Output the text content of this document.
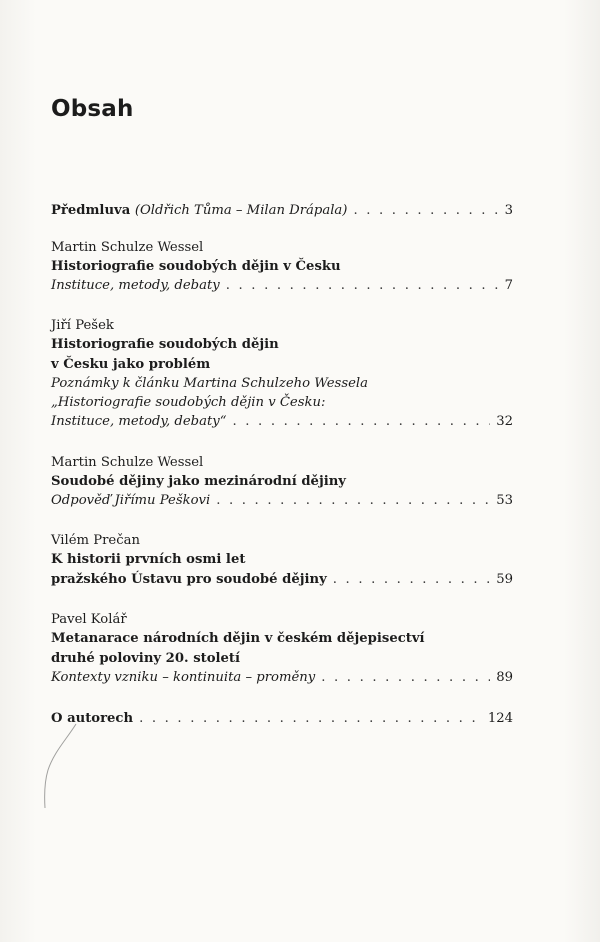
Obsah
Předmluva (Oldřich Tůma – Milan Drápala) . . .	3
Martin Schulze Wessel
Historiografie soudobých dějin v Česku
Instituce, metody, debaty . . .	7
Jiří Pešek
Historiografie soudobých dějin
v Česku jako problém
Poznámky k článku Martina Schulzeho Wessela
„Historiografie soudobých dějin v Česku:
Instituce, metody, debaty“ . . .	32
Martin Schulze Wessel
Soudobé dějiny jako mezinárodní dějiny
Odpověď Jiřímu Peškovi . . .	53
Vilém Prečan
K historii prvních osmi let
pražského Ústavu pro soudobé dějiny . . .	59
Pavel Kolář
Metanarace národních dějin v českém dějepisectví
druhé poloviny 20. století
Kontexty vzniku – kontinuita – proměny . . .	89
O autorech . . .	124
